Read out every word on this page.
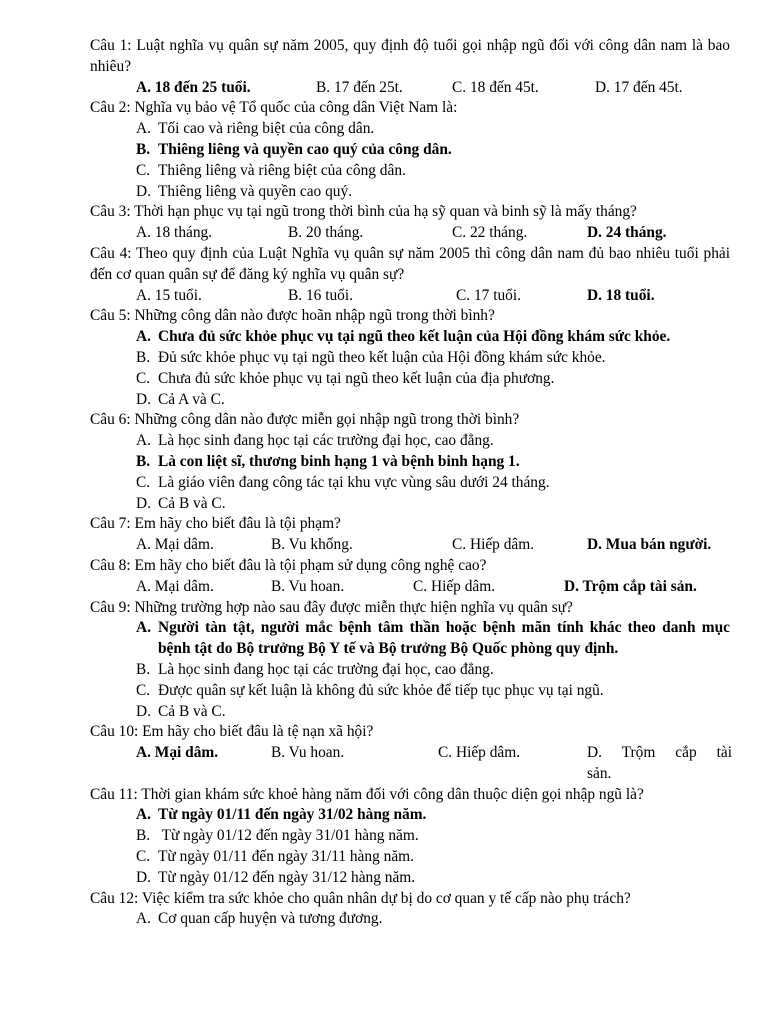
Câu 1: Luật nghĩa vụ quân sự năm 2005, quy định độ tuổi gọi nhập ngũ đối với công dân nam là bao nhiêu?
A. 18 đến 25 tuổi.	B. 17 đến 25t.	C. 18 đến 45t.	D. 17 đến 45t.
Câu 2: Nghĩa vụ bảo vệ Tổ quốc của công dân Việt Nam là:
A. Tối cao và riêng biệt của công dân.
B. Thiêng liêng và quyền cao quý của công dân.
C. Thiêng liêng và riêng biệt của công dân.
D. Thiêng liêng và quyền cao quý.
Câu 3: Thời hạn phục vụ tại ngũ trong thời bình của hạ sỹ quan và binh sỹ là mấy tháng?
A. 18 tháng.	B. 20 tháng.	C. 22 tháng.	D. 24 tháng.
Câu 4: Theo quy định của Luật Nghĩa vụ quân sự năm 2005 thì công dân nam đủ bao nhiêu tuổi phải đến cơ quan quân sự để đăng ký nghĩa vụ quân sự?
A. 15 tuổi.	B. 16 tuổi.	C. 17 tuổi.	D. 18 tuổi.
Câu 5: Những công dân nào được hoãn nhập ngũ trong thời bình?
A. Chưa đủ sức khỏe phục vụ tại ngũ theo kết luận của Hội đồng khám sức khỏe.
B. Đủ sức khỏe phục vụ tại ngũ theo kết luận của Hội đồng khám sức khỏe.
C. Chưa đủ sức khỏe phục vụ tại ngũ theo kết luận của địa phương.
D. Cả A và C.
Câu 6: Những công dân nào được miễn gọi nhập ngũ trong thời bình?
A. Là học sinh đang học tại các trường đại học, cao đẳng.
B. Là con liệt sĩ, thương binh hạng 1 và bệnh binh hạng 1.
C. Là giáo viên đang công tác tại khu vực vùng sâu dưới 24 tháng.
D. Cả B và C.
Câu 7: Em hãy cho biết đâu là tội phạm?
A. Mại dâm.	B. Vu khống.	C. Hiếp dâm.	D. Mua bán người.
Câu 8: Em hãy cho biết đâu là tội phạm sử dụng công nghệ cao?
A. Mại dâm.	B. Vu hoan.	C. Hiếp dâm.	D. Trộm cắp tài sản.
Câu 9: Những trường hợp nào sau đây được miễn thực hiện nghĩa vụ quân sự?
A. Người tàn tật, người mắc bệnh tâm thần hoặc bệnh mãn tính khác theo danh mục bệnh tật do Bộ trưởng Bộ Y tế và Bộ trưởng Bộ Quốc phòng quy định.
B. Là học sinh đang học tại các trường đại học, cao đẳng.
C. Được quân sự kết luận là không đủ sức khỏe để tiếp tục phục vụ tại ngũ.
D. Cả B và C.
Câu 10: Em hãy cho biết đâu là tệ nạn xã hội?
A. Mại dâm.	B. Vu hoan.	C. Hiếp dâm.	D. Trộm cắp tài sản.
Câu 11: Thời gian khám sức khoẻ hàng năm đối với công dân thuộc diện gọi nhập ngũ là?
A. Từ ngày 01/11 đến ngày 31/02 hàng năm.
B. Từ ngày 01/12 đến ngày 31/01 hàng năm.
C. Từ ngày 01/11 đến ngày 31/11 hàng năm.
D. Từ ngày 01/12 đến ngày 31/12 hàng năm.
Câu 12: Việc kiểm tra sức khỏe cho quân nhân dự bị do cơ quan y tế cấp nào phụ trách?
A. Cơ quan cấp huyện và tương đương.
